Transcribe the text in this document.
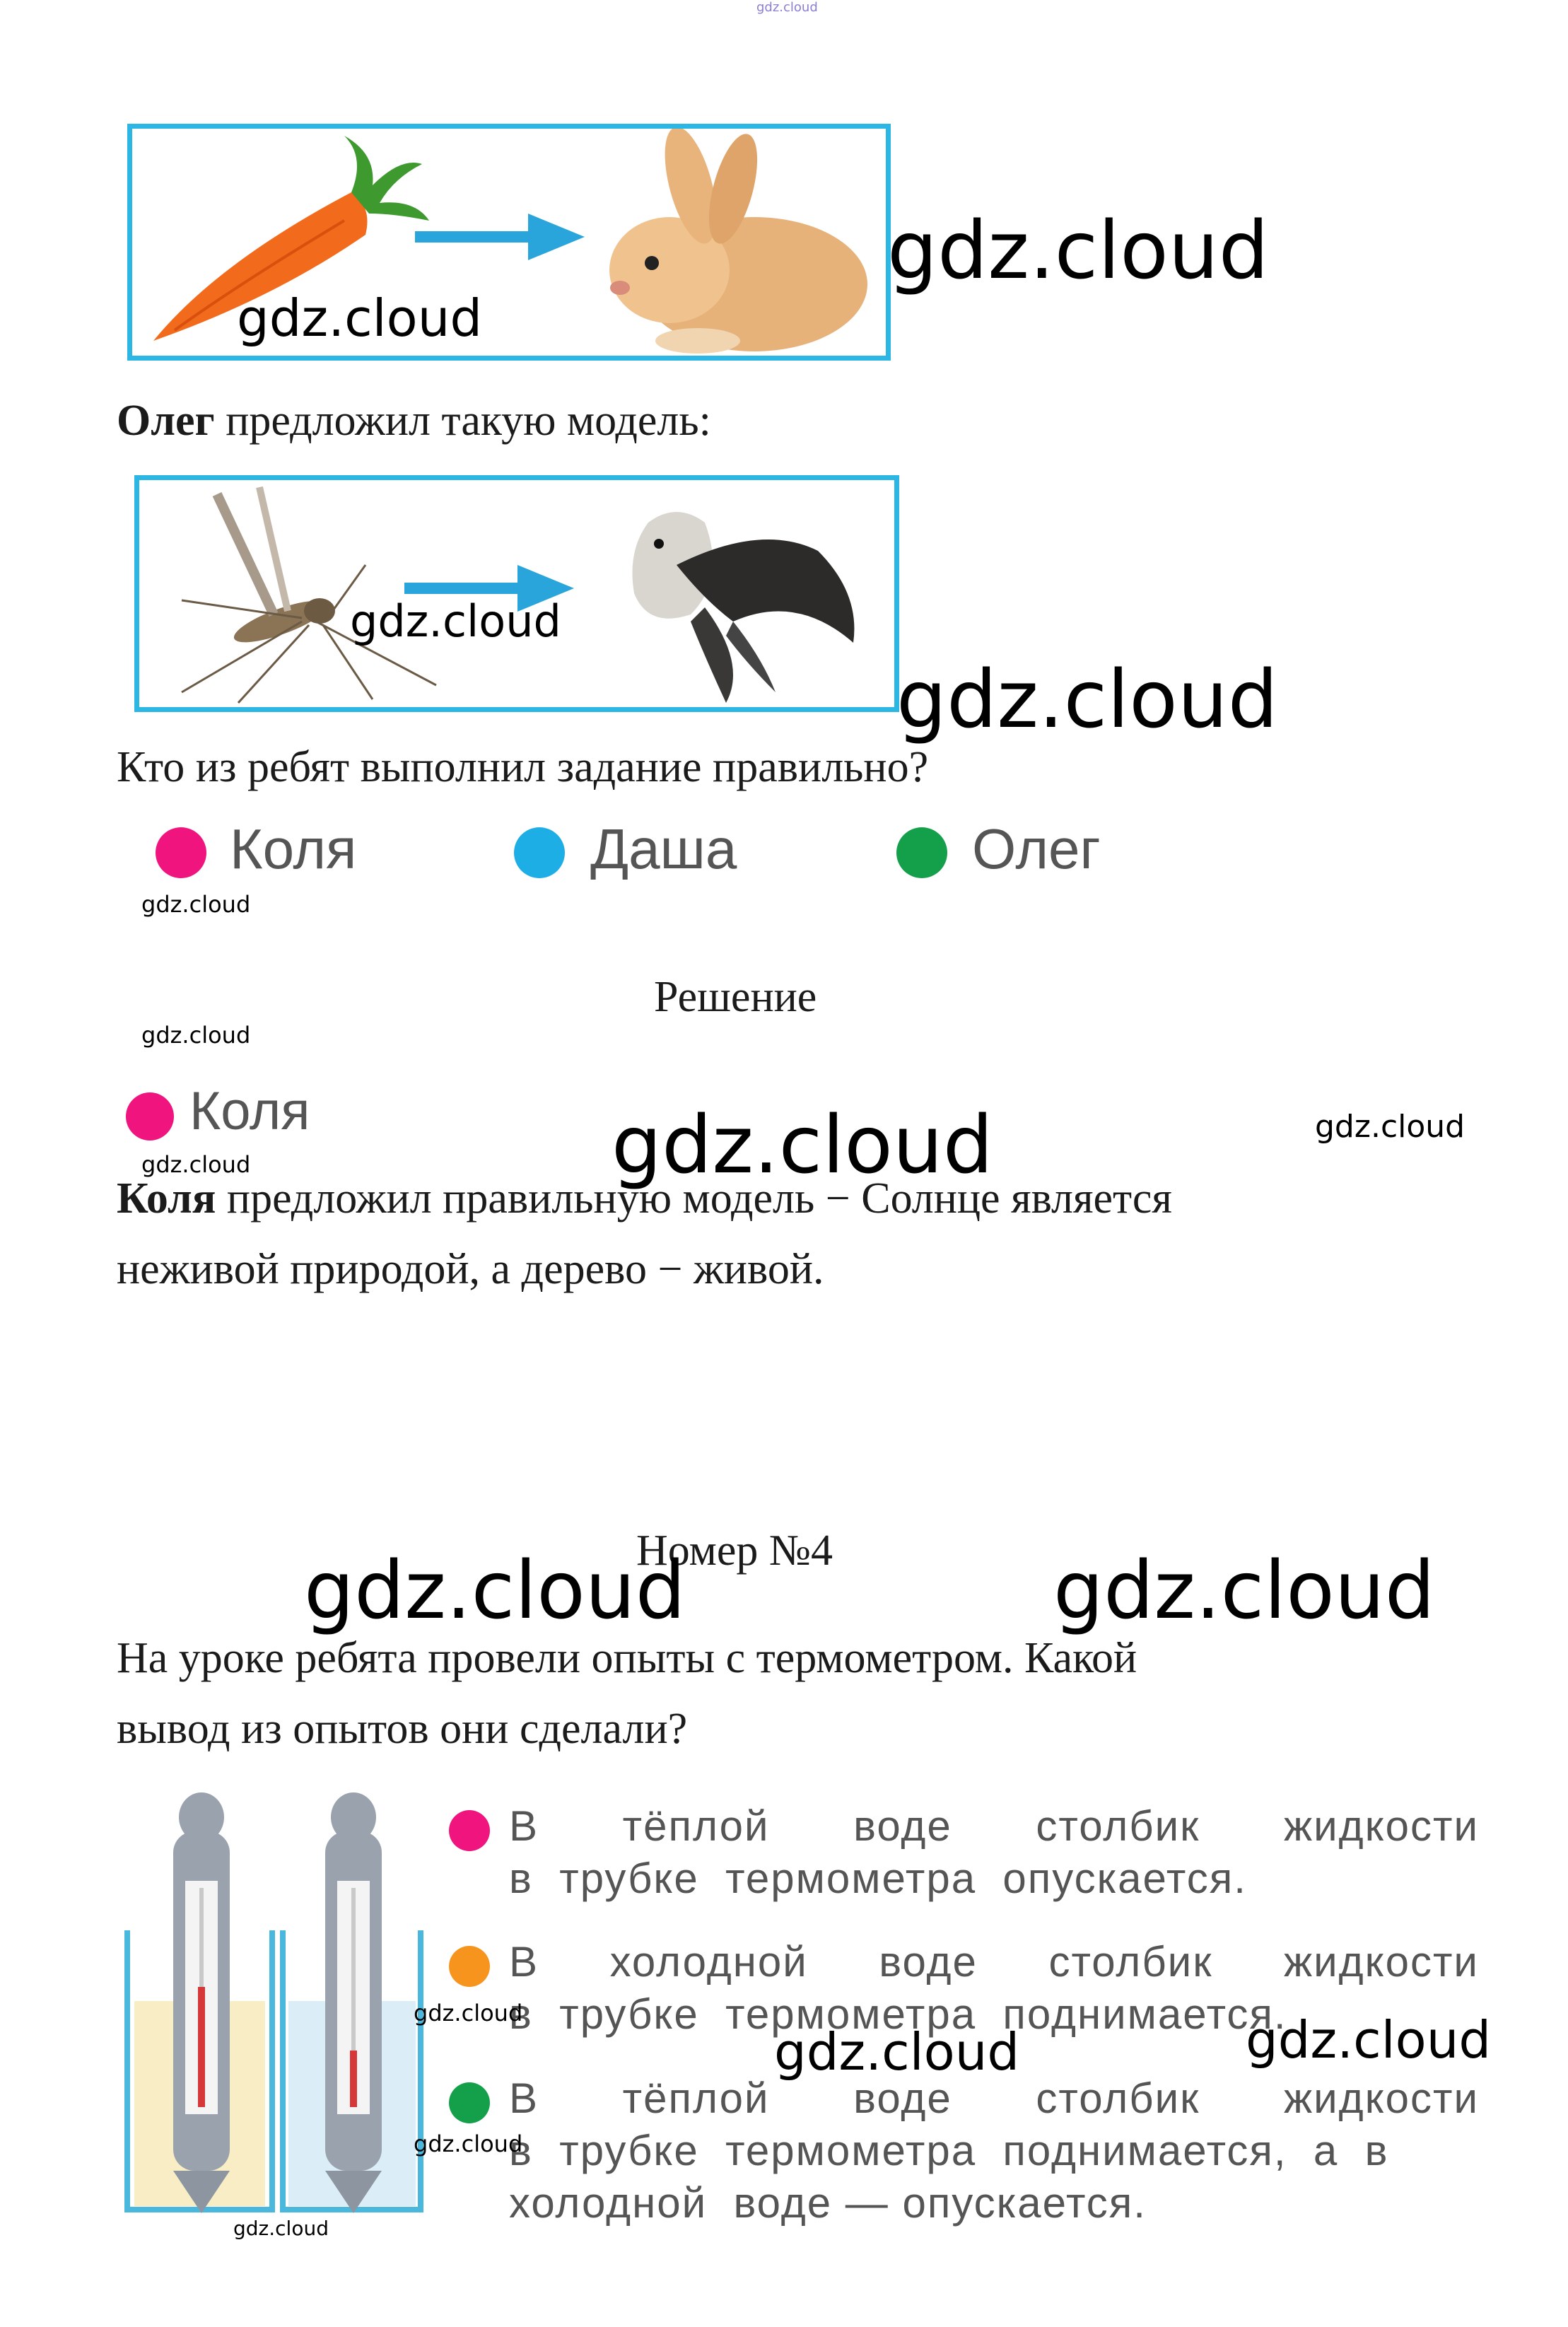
gdz.cloud
gdz.cloud
gdz.cloud
Олег предложил такую модель:
gdz.cloud
gdz.cloud
Кто из ребят выполнил задание правильно?
Коля	Даша	Олег
gdz.cloud
Решение
gdz.cloud
Коля
gdz.cloud	gdz.cloud	gdz.cloud
Коля предложил правильную модель − Солнце является
неживой природой, а дерево − живой.
Номер №4
gdz.cloud	gdz.cloud
На уроке ребята провели опыты с термометром. Какой
вывод из опытов они сделали?
gdz.cloud
В тёплой воде столбик жидкости
в  трубке  термометра  опускается.
В холодной воде столбик жидкости
в  трубке  термометра  поднимается.
gdz.cloud
gdz.cloud	gdz.cloud
В тёплой воде столбик жидкости
в  трубке  термометра  поднимается,  а  в
холодной  воде — опускается.
gdz.cloud
